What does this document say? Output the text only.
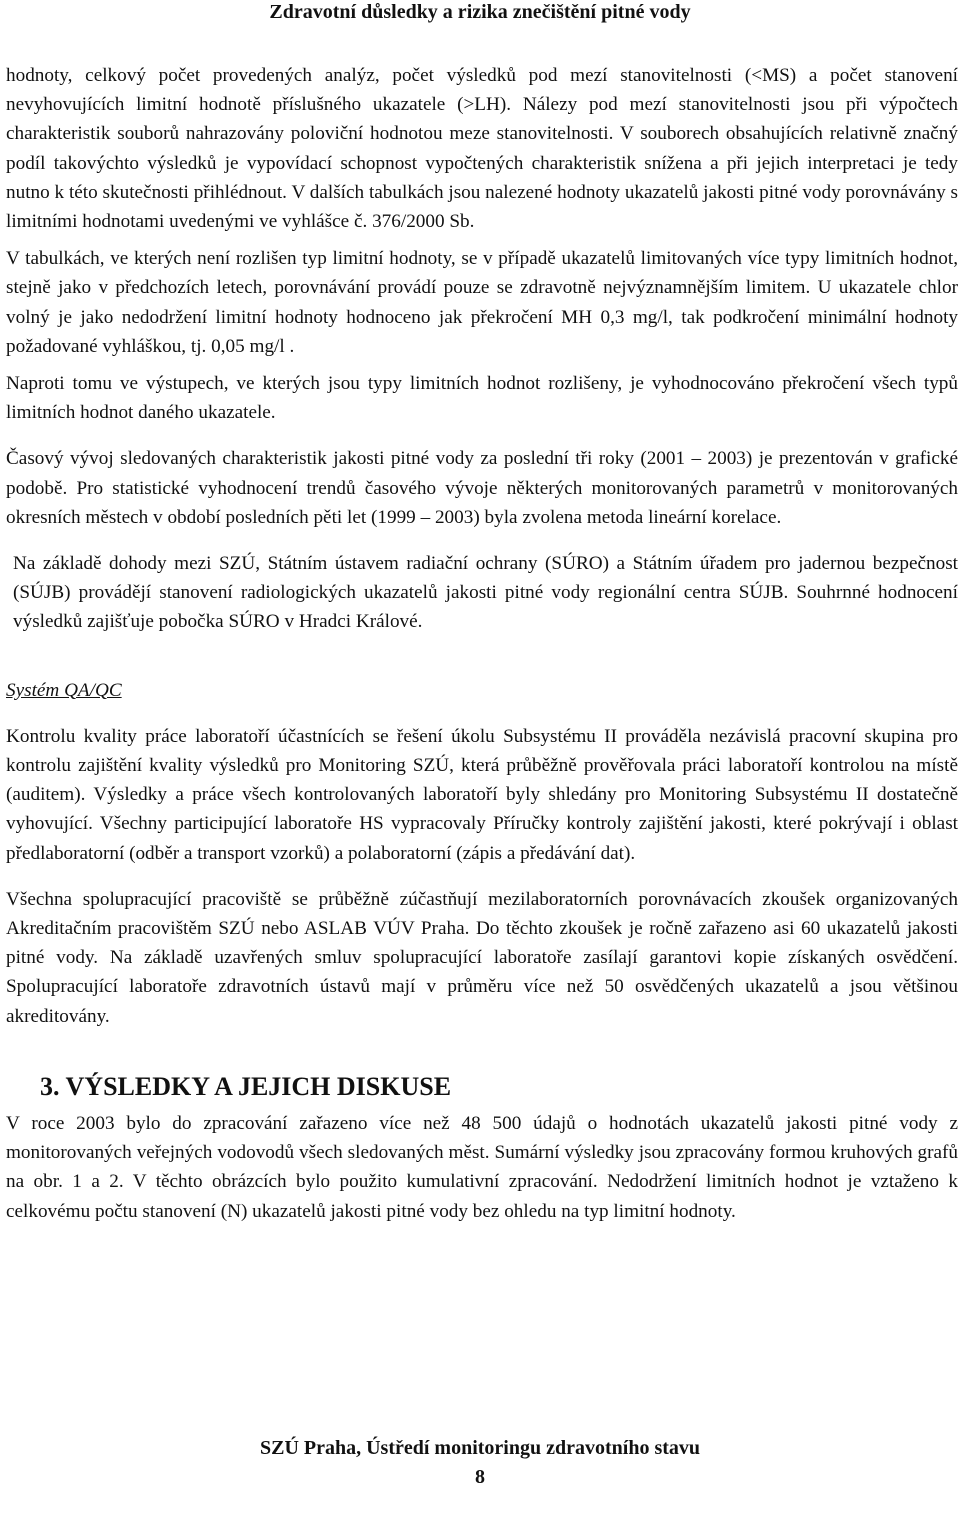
Zdravotní důsledky a rizika znečištění pitné vody

hodnoty, celkový počet provedených analýz, počet výsledků pod mezí stanovitelnosti (<MS) a počet stanovení nevyhovujících limitní hodnotě příslušného ukazatele (>LH). Nálezy pod mezí stanovitelnosti jsou při výpočtech charakteristik souborů nahrazovány poloviční hodnotou meze stanovitelnosti. V souborech obsahujících relativně značný podíl takovýchto výsledků je vypovídací schopnost vypočtených charakteristik snížena a při jejich interpretaci je tedy nutno k této skutečnosti přihlédnout. V dalších tabulkách jsou nalezené hodnoty ukazatelů jakosti pitné vody porovnávány s limitními hodnotami uvedenými ve vyhlášce č. 376/2000 Sb.

V tabulkách, ve kterých není rozlišen typ limitní hodnoty, se v případě ukazatelů limitovaných více typy limitních hodnot, stejně jako v předchozích letech, porovnávání provádí pouze se zdravotně nejvýznamnějším limitem. U ukazatele chlor volný je jako nedodržení limitní hodnoty hodnoceno jak překročení MH 0,3 mg/l, tak podkročení minimální hodnoty požadované vyhláškou, tj. 0,05 mg/l .

Naproti tomu ve výstupech, ve kterých jsou typy limitních hodnot rozlišeny, je vyhodnocováno překročení všech typů limitních hodnot daného ukazatele.

Časový vývoj sledovaných charakteristik jakosti pitné vody za poslední tři roky (2001 – 2003) je prezentován v grafické podobě. Pro statistické vyhodnocení trendů časového vývoje některých monitorovaných parametrů v monitorovaných okresních městech v období posledních pěti let (1999 – 2003) byla zvolena metoda lineární korelace.

Na základě dohody mezi SZÚ, Státním ústavem radiační ochrany (SÚRO) a Státním úřadem pro jadernou bezpečnost (SÚJB) provádějí stanovení radiologických ukazatelů jakosti pitné vody regionální centra SÚJB. Souhrnné hodnocení výsledků zajišťuje pobočka SÚRO v Hradci Králové.

Systém QA/QC

Kontrolu kvality práce laboratoří účastnících se řešení úkolu Subsystému II prováděla nezávislá pracovní skupina pro kontrolu zajištění kvality výsledků pro Monitoring SZÚ, která průběžně prověřovala práci laboratoří kontrolou na místě (auditem). Výsledky a práce všech kontrolovaných laboratoří byly shledány pro Monitoring Subsystému II dostatečně vyhovující. Všechny participující laboratoře HS vypracovaly Příručky kontroly zajištění jakosti, které pokrývají i oblast předlaboratorní (odběr a transport vzorků) a polaboratorní (zápis a předávání dat).

Všechna spolupracující pracoviště se průběžně zúčastňují mezilaboratorních porovnávacích zkoušek organizovaných Akreditačním pracovištěm SZÚ nebo ASLAB VÚV Praha. Do těchto zkoušek je ročně zařazeno asi 60 ukazatelů jakosti pitné vody. Na základě uzavřených smluv spolupracující laboratoře zasílají garantovi kopie získaných osvědčení. Spolupracující laboratoře zdravotních ústavů mají v průměru více než 50 osvědčených ukazatelů a jsou většinou akreditovány.

3. VÝSLEDKY A JEJICH DISKUSE

V roce 2003 bylo do zpracování zařazeno více než 48 500 údajů o hodnotách ukazatelů jakosti pitné vody z monitorovaných veřejných vodovodů všech sledovaných měst. Sumární výsledky jsou zpracovány formou kruhových grafů na obr. 1 a 2. V těchto obrázcích bylo použito kumulativní zpracování. Nedodržení limitních hodnot je vztaženo k celkovému počtu stanovení (N) ukazatelů jakosti pitné vody bez ohledu na typ limitní hodnoty.

SZÚ Praha, Ústředí monitoringu zdravotního stavu
8
